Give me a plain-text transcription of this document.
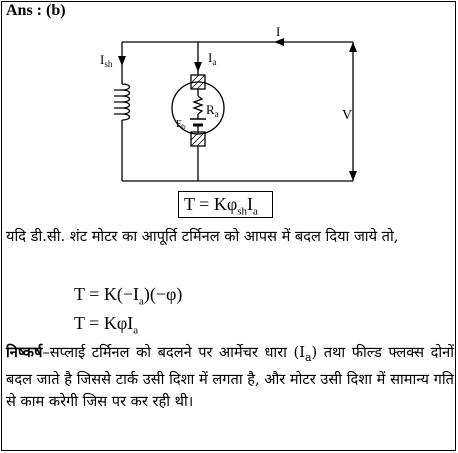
Ans : (b)
$I_{sh}$	$I_a$
$R_a$
$E_b$
I
V
$T = K\varphi_{sh}I_a$
यदि डी.सी. शंट मोटर का आपूर्ति टर्मिनल को आपस में बदल दिया जाये तो,
$T = K(-I_a)(-\varphi)$
T = KφI$_a$
निष्कर्ष–सप्लाई टर्मिनल को बदलने पर आर्मेचर धारा $(I_a)$ तथा फील्ड फ्लक्स दोनों बदल जाते है जिससे टार्क उसी दिशा में लगता है, और मोटर उसी दिशा में सामान्य गति से काम करेगी जिस पर कर रही थी।
